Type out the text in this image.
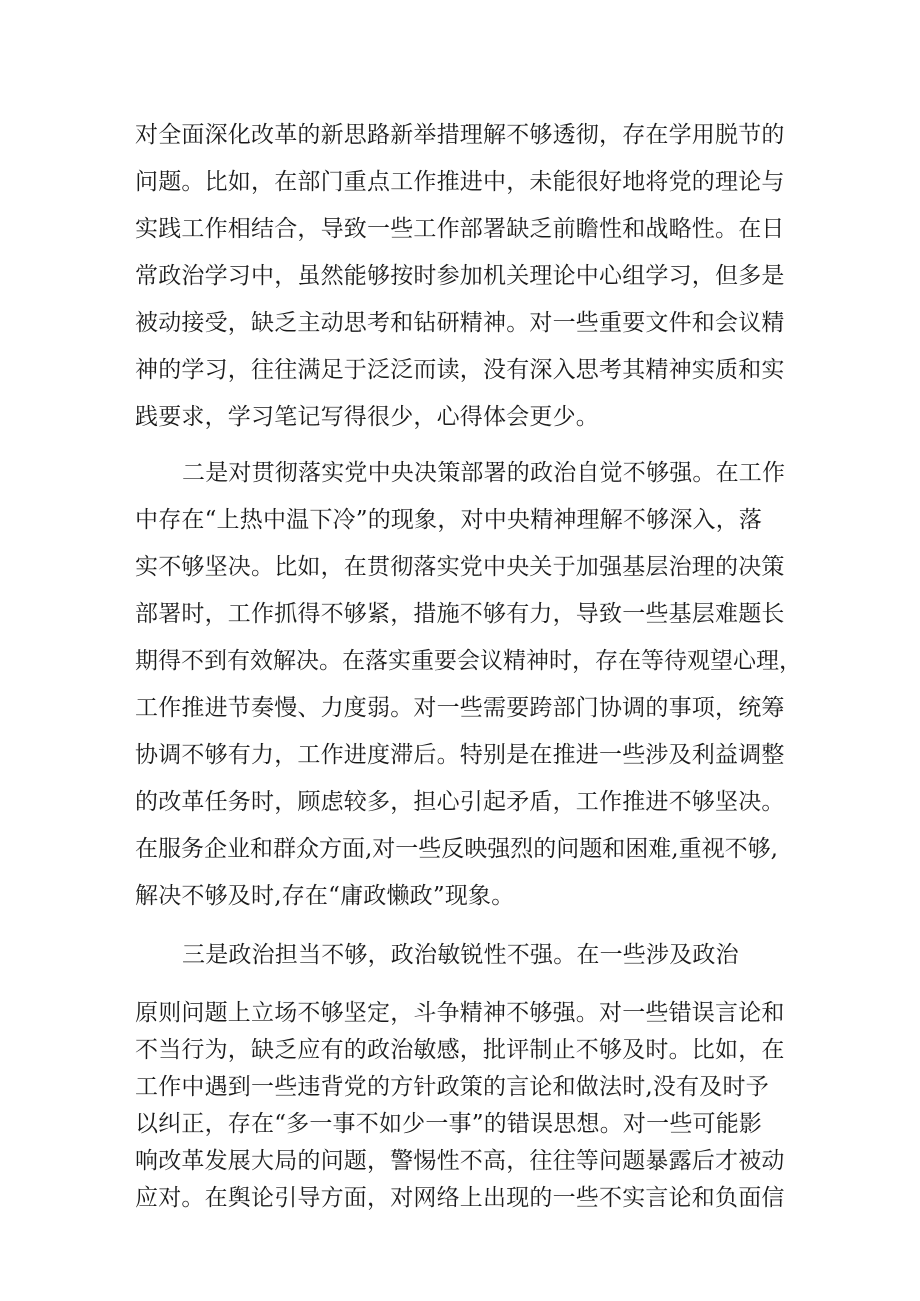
对全面深化改革的新思路新举措理解不够透彻，存在学用脱节的

问题。比如，在部门重点工作推进中，未能很好地将党的理论与

实践工作相结合，导致一些工作部署缺乏前瞻性和战略性。在日

常政治学习中，虽然能够按时参加机关理论中心组学习，但多是

被动接受，缺乏主动思考和钻研精神。对一些重要文件和会议精

神的学习，往往满足于泛泛而读，没有深入思考其精神实质和实

践要求，学习笔记写得很少，心得体会更少。

二是对贯彻落实党中央决策部署的政治自觉不够强。在工作

中存在“上热中温下冷”的现象，对中央精神理解不够深入，落

实不够坚决。比如，在贯彻落实党中央关于加强基层治理的决策

部署时，工作抓得不够紧，措施不够有力，导致一些基层难题长

期得不到有效解决。在落实重要会议精神时，存在等待观望心理，

工作推进节奏慢、力度弱。对一些需要跨部门协调的事项，统筹

协调不够有力，工作进度滞后。特别是在推进一些涉及利益调整

的改革任务时，顾虑较多，担心引起矛盾，工作推进不够坚决。

在服务企业和群众方面,对一些反映强烈的问题和困难,重视不够,

解决不够及时,存在“庸政懒政”现象。

三是政治担当不够，政治敏锐性不强。在一些涉及政治

原则问题上立场不够坚定，斗争精神不够强。对一些错误言论和

不当行为，缺乏应有的政治敏感，批评制止不够及时。比如，在

工作中遇到一些违背党的方针政策的言论和做法时,没有及时予

以纠正，存在“多一事不如少一事”的错误思想。对一些可能影

响改革发展大局的问题，警惕性不高，往往等问题暴露后才被动

应对。在舆论引导方面，对网络上出现的一些不实言论和负面信
